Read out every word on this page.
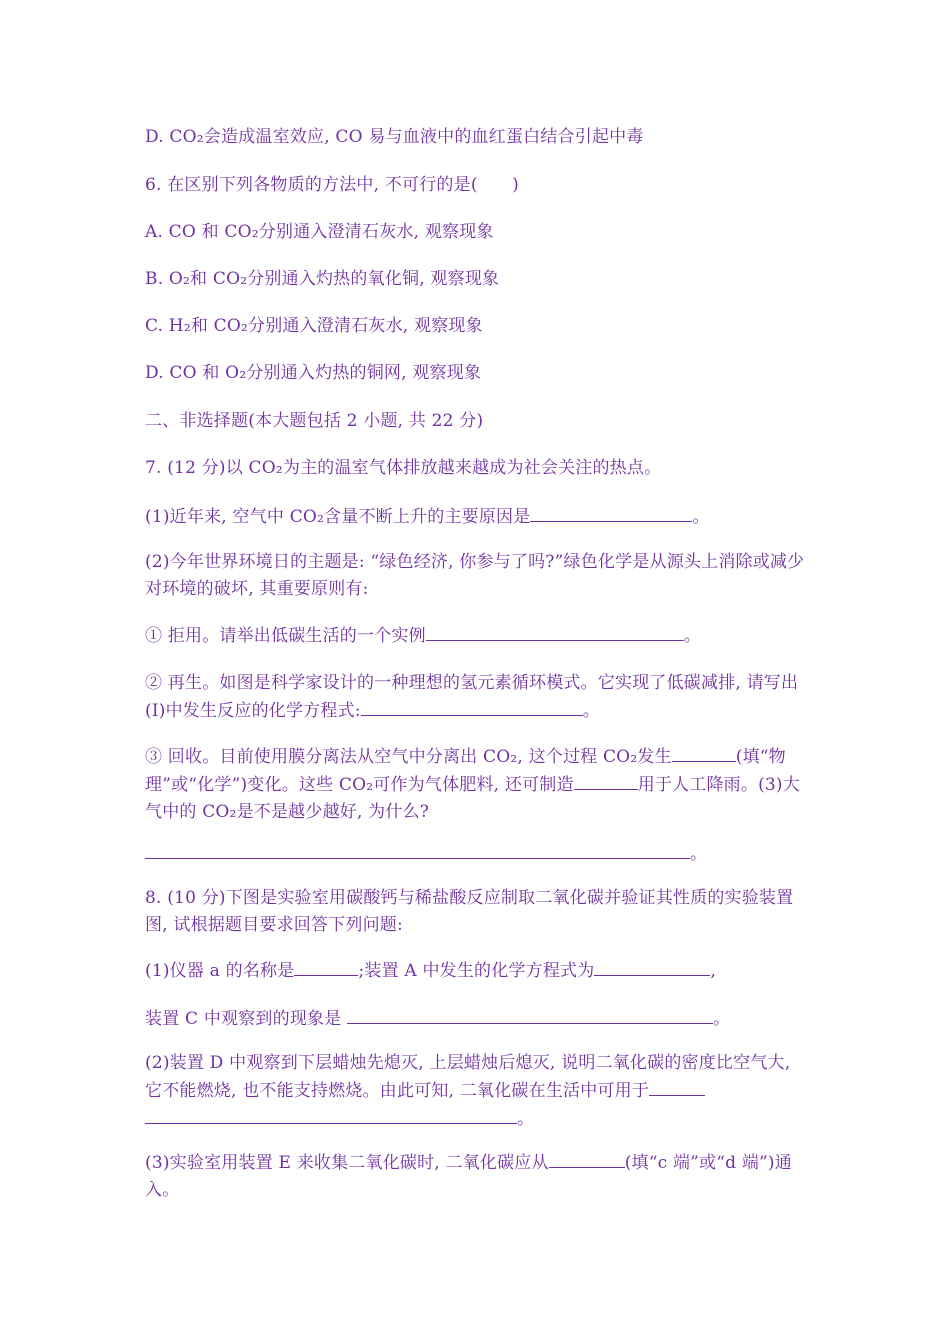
D. CO₂会造成温室效应, CO 易与血液中的血红蛋白结合引起中毒
6. 在区别下列各物质的方法中, 不可行的是(　　)
A. CO 和 CO₂分别通入澄清石灰水, 观察现象
B. O₂和 CO₂分别通入灼热的氧化铜, 观察现象
C. H₂和 CO₂分别通入澄清石灰水, 观察现象
D. CO 和 O₂分别通入灼热的铜网, 观察现象
二、非选择题(本大题包括 2 小题, 共 22 分)
7. (12 分)以 CO₂为主的温室气体排放越来越成为社会关注的热点。
(1)近年来, 空气中 CO₂含量不断上升的主要原因是	。
(2)今年世界环境日的主题是: “绿色经济, 你参与了吗?”绿色化学是从源头上消除或减少对环境的破坏, 其重要原则有:
① 拒用。请举出低碳生活的一个实例	。
② 再生。如图是科学家设计的一种理想的氢元素循环模式。它实现了低碳减排, 请写出(Ⅰ)中发生反应的化学方程式:	。
③ 回收。目前使用膜分离法从空气中分离出 CO₂, 这个过程 CO₂发生	(填“物理”或“化学”)变化。这些 CO₂可作为气体肥料, 还可制造	用于人工降雨。(3)大气中的 CO₂是不是越少越好, 为什么?
。
8. (10 分)下图是实验室用碳酸钙与稀盐酸反应制取二氧化碳并验证其性质的实验装置图, 试根据题目要求回答下列问题:
(1)仪器 a 的名称是	;装置 A 中发生的化学方程式为	,
装置 C 中观察到的现象是	。
(2)装置 D 中观察到下层蜡烛先熄灭, 上层蜡烛后熄灭, 说明二氧化碳的密度比空气大, 它不能燃烧, 也不能支持燃烧。由此可知, 二氧化碳在生活中可用于。
(3)实验室用装置 E 来收集二氧化碳时, 二氧化碳应从	(填“c 端”或“d 端”)通入。
